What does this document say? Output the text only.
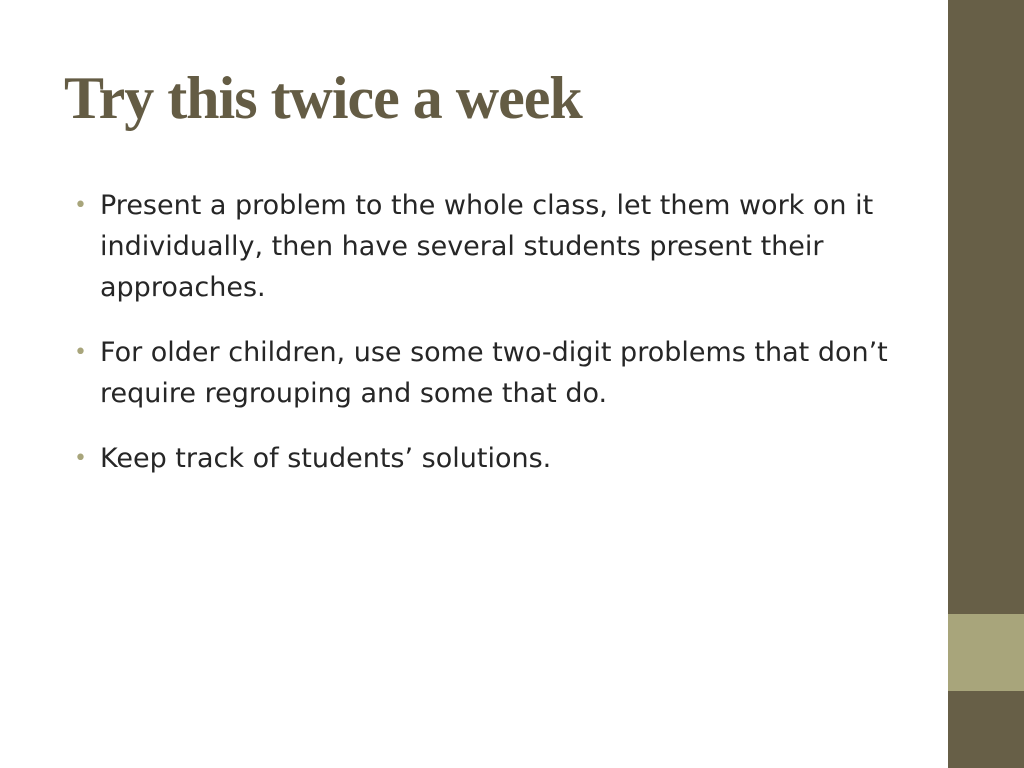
Try this twice a week
• Present a problem to the whole class, let them work on it individually, then have several students present their approaches.
• For older children, use some two-digit problems that don’t require regrouping and some that do.
• Keep track of students’ solutions.
